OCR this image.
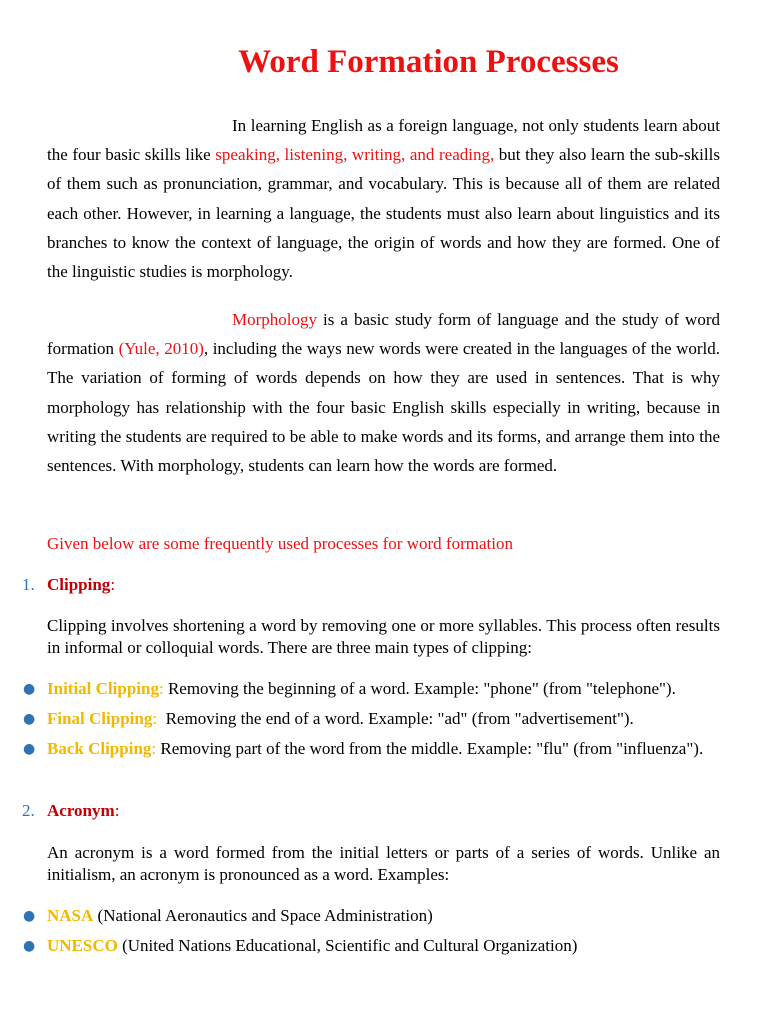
Word Formation Processes

In learning English as a foreign language, not only students learn about the four basic skills like speaking, listening, writing, and reading, but they also learn the sub-skills of them such as pronunciation, grammar, and vocabulary. This is because all of them are related each other. However, in learning a language, the students must also learn about linguistics and its branches to know the context of language, the origin of words and how they are formed. One of the linguistic studies is morphology.

Morphology is a basic study form of language and the study of word formation (Yule, 2010), including the ways new words were created in the languages of the world. The variation of forming of words depends on how they are used in sentences. That is why morphology has relationship with the four basic English skills especially in writing, because in writing the students are required to be able to make words and its forms, and arrange them into the sentences. With morphology, students can learn how the words are formed.

Given below are some frequently used processes for word formation

1. Clipping:

Clipping involves shortening a word by removing one or more syllables. This process often results in informal or colloquial words. There are three main types of clipping:

● Initial Clipping: Removing the beginning of a word. Example: "phone" (from "telephone").

● Final Clipping:  Removing the end of a word. Example: "ad" (from "advertisement").

● Back Clipping: Removing part of the word from the middle. Example: "flu" (from "influenza").

2. Acronym:

An acronym is a word formed from the initial letters or parts of a series of words. Unlike an initialism, an acronym is pronounced as a word. Examples:

● NASA (National Aeronautics and Space Administration)

● UNESCO (United Nations Educational, Scientific and Cultural Organization)
